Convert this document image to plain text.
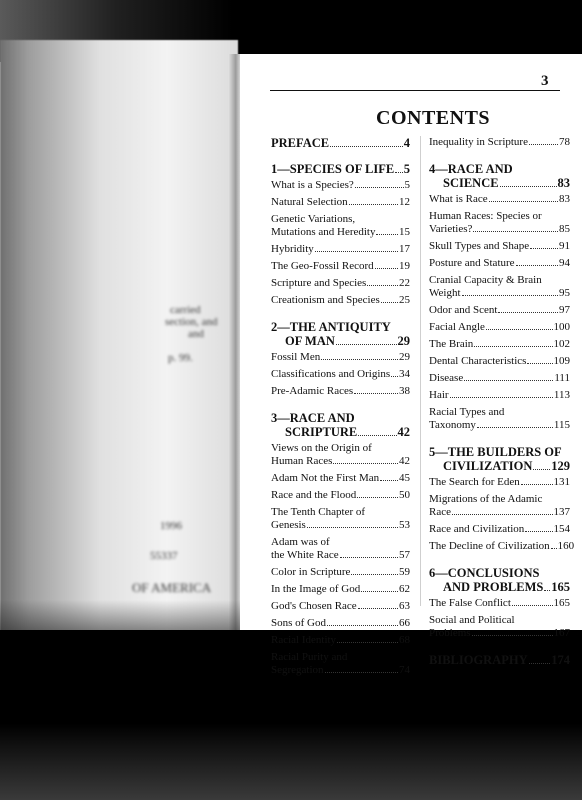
carried
section, and
and
p. 99.
1996
55337
OF AMERICA
3
CONTENTS
PREFACE	4
1—SPECIES OF LIFE 5
What is a Species?	5
Natural Selection	12
Genetic Variations,
Mutations and Heredity 15
Hybridity	17
The Geo-Fossil Record 19
Scripture and Species	22
Creationism and Species 25
2—THE ANTIQUITY
OF MAN	29
Fossil Men	29
Classifications and Origins 34
Pre-Adamic Races	38
3—RACE AND
SCRIPTURE	42
Views on the Origin of
Human Races	42
Adam Not the First Man 45
Race and the Flood	50
The Tenth Chapter of
Genesis	53
Adam was of
the White Race	57
Color in Scripture	59
In the Image of God	62
God's Chosen Race	63
Sons of God	66
Racial Identity	68
Racial Purity and
Segregation	74
Inequality in Scripture	78
4—RACE AND
SCIENCE	83
What is Race	83
Human Races: Species or
Varieties?	85
Skull Types and Shape	91
Posture and Stature	94
Cranial Capacity & Brain
Weight	95
Odor and Scent	97
Facial Angle	100
The Brain	102
Dental Characteristics 109
Disease	111
Hair	113
Racial Types and
Taxonomy	115
5—THE BUILDERS OF
CIVILIZATION 129
The Search for Eden	131
Migrations of the Adamic
Race	137
Race and Civilization	154
The Decline of Civilization 160
6—CONCLUSIONS
AND PROBLEMS 165
The False Conflict	165
Social and Political
Problems	167
BIBLIOGRAPHY 174
